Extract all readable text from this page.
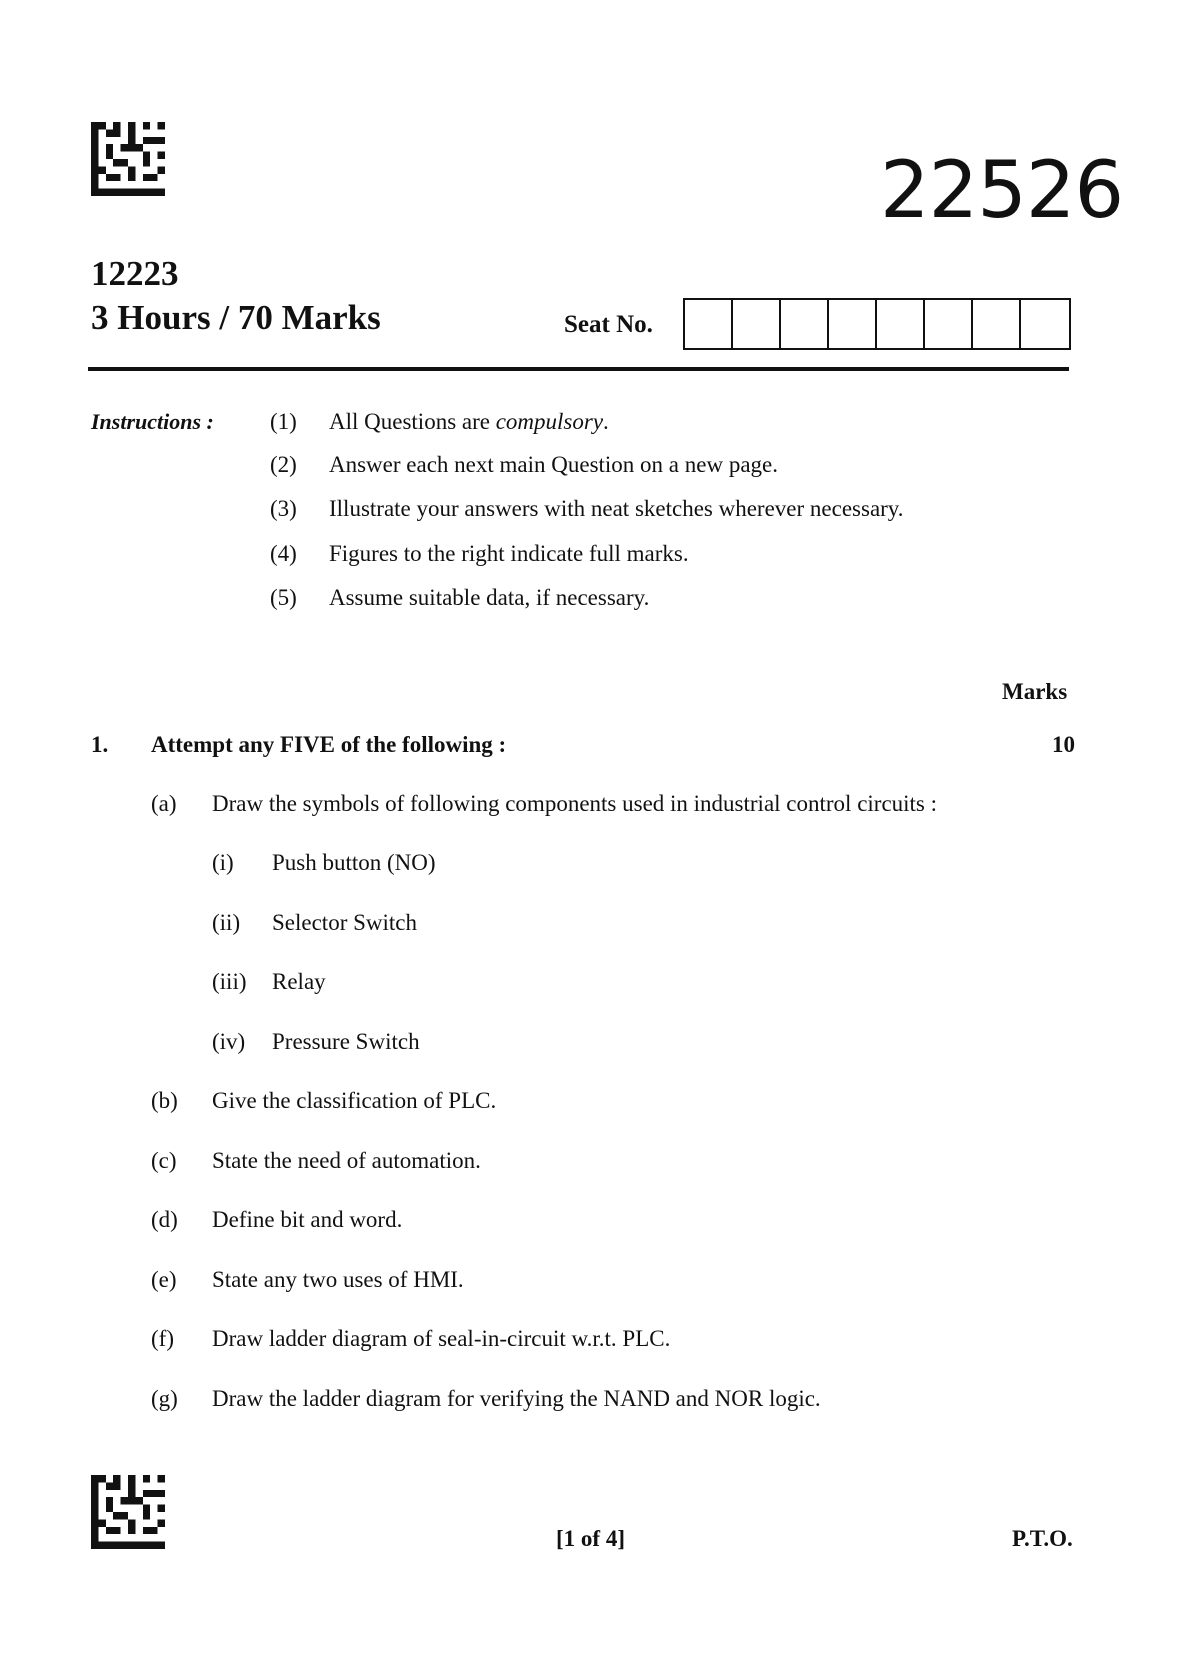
22526
12223
3 Hours / 70 Marks	Seat No.
Instructions : (1) All Questions are compulsory.
(2) Answer each next main Question on a new page.
(3) Illustrate your answers with neat sketches wherever necessary.
(4) Figures to the right indicate full marks.
(5) Assume suitable data, if necessary.
Marks
1. Attempt any FIVE of the following :	10
(a) Draw the symbols of following components used in industrial control circuits :
(i) Push button (NO)
(ii) Selector Switch
(iii) Relay
(iv) Pressure Switch
(b) Give the classification of PLC.
(c) State the need of automation.
(d) Define bit and word.
(e) State any two uses of HMI.
(f) Draw ladder diagram of seal-in-circuit w.r.t. PLC.
(g) Draw the ladder diagram for verifying the NAND and NOR logic.
[1 of 4]	P.T.O.
